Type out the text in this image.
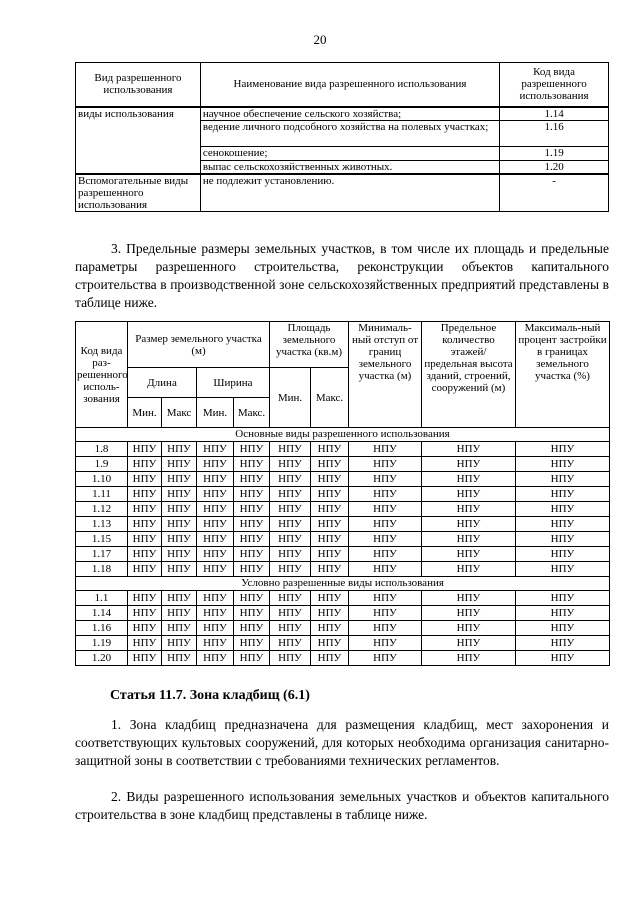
20
Вид разрешенного использования	Наименование вида разрешенного использования	Код вида разрешенного использования
виды использования	научное обеспечение сельского хозяйства;	1.14
	ведение личного подсобного хозяйства на полевых участках;	1.16
	сенокошение;	1.19
	выпас сельскохозяйственных животных.	1.20
Вспомогательные виды разрешенного использования	не подлежит установлению.	-
3. Предельные размеры земельных участков, в том числе их площадь и предельные параметры разрешенного строительства, реконструкции объектов капитального строительства в производственной зоне сельскохозяйственных предприятий представлены в таблице ниже.
Код вида раз-решенного исполь-зования	Размер земельного участка (м)				Площадь земельного участка (кв.м)		Минималь-ный отступ от границ земельного участка (м)	Предельное количество этажей/ предельная высота зданий, строений, сооружений (м)	Максималь-ный процент застройки в границах земельного участка (%)
	Длина		Ширина		Мин.	Макс.			
	Мин.	Макс	Мин.	Макс.					
Основные виды разрешенного использования									
1.8	НПУ	НПУ	НПУ	НПУ	НПУ	НПУ	НПУ	НПУ	НПУ
1.9	НПУ	НПУ	НПУ	НПУ	НПУ	НПУ	НПУ	НПУ	НПУ
1.10	НПУ	НПУ	НПУ	НПУ	НПУ	НПУ	НПУ	НПУ	НПУ
1.11	НПУ	НПУ	НПУ	НПУ	НПУ	НПУ	НПУ	НПУ	НПУ
1.12	НПУ	НПУ	НПУ	НПУ	НПУ	НПУ	НПУ	НПУ	НПУ
1.13	НПУ	НПУ	НПУ	НПУ	НПУ	НПУ	НПУ	НПУ	НПУ
1.15	НПУ	НПУ	НПУ	НПУ	НПУ	НПУ	НПУ	НПУ	НПУ
1.17	НПУ	НПУ	НПУ	НПУ	НПУ	НПУ	НПУ	НПУ	НПУ
1.18	НПУ	НПУ	НПУ	НПУ	НПУ	НПУ	НПУ	НПУ	НПУ
Условно разрешенные виды использования									
1.1	НПУ	НПУ	НПУ	НПУ	НПУ	НПУ	НПУ	НПУ	НПУ
1.14	НПУ	НПУ	НПУ	НПУ	НПУ	НПУ	НПУ	НПУ	НПУ
1.16	НПУ	НПУ	НПУ	НПУ	НПУ	НПУ	НПУ	НПУ	НПУ
1.19	НПУ	НПУ	НПУ	НПУ	НПУ	НПУ	НПУ	НПУ	НПУ
1.20	НПУ	НПУ	НПУ	НПУ	НПУ	НПУ	НПУ	НПУ	НПУ
Статья 11.7. Зона кладбищ (6.1)
1. Зона кладбищ предназначена для размещения кладбищ, мест захоронения и соответствующих культовых сооружений, для которых необходима организация санитарно-защитной зоны в соответствии с требованиями технических регламентов.
2. Виды разрешенного использования земельных участков и объектов капитального строительства в зоне кладбищ представлены в таблице ниже.
